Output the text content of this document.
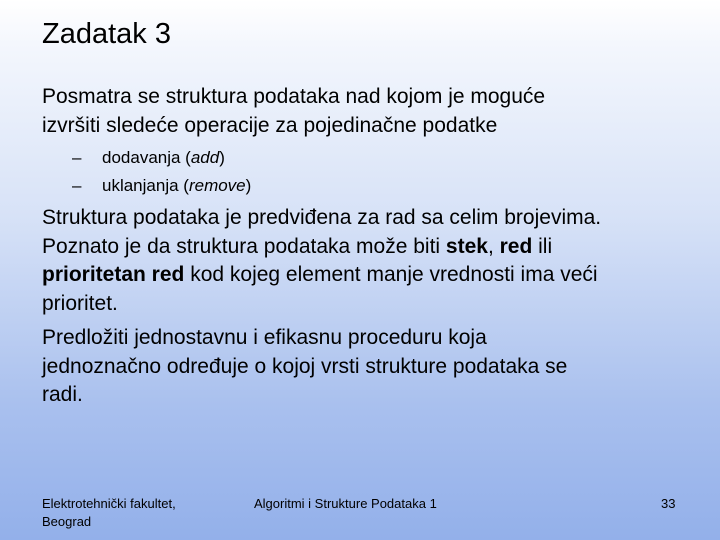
Zadatak 3
Posmatra se struktura podataka nad kojom je moguće
izvršiti sledeće operacije za pojedinačne podatke
–	dodavanja (add)
–	uklanjanja (remove)
Struktura podataka je predviđena za rad sa celim brojevima.
Poznato je da struktura podataka može biti stek, red ili
prioritetan red kod kojeg element manje vrednosti ima veći
prioritet.
Predložiti jednostavnu i efikasnu proceduru koja
jednoznačno određuje o kojoj vrsti strukture podataka se
radi.
Elektrotehnički fakultet,
Beograd
Algoritmi i Strukture Podataka 1	33
